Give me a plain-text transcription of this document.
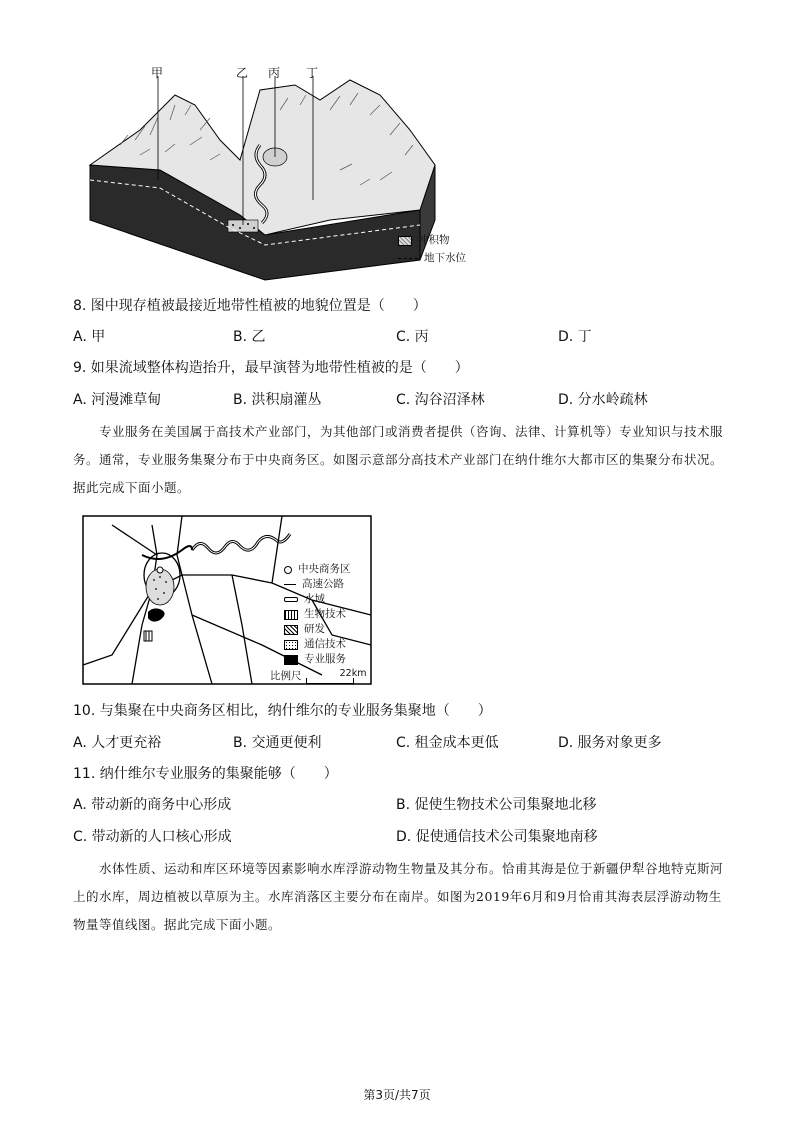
甲	乙 丙 丁
冲积物
地下水位
8. 图中现存植被最接近地带性植被的地貌位置是（　　）
A. 甲	B. 乙	C. 丙	D. 丁
9. 如果流域整体构造抬升，最早演替为地带性植被的是（　　）
A. 河漫滩草甸	B. 洪积扇灌丛	C. 沟谷沼泽林	D. 分水岭疏林

专业服务在美国属于高技术产业部门，为其他部门或消费者提供（咨询、法律、计算机等）专业知识与技术服务。通常，专业服务集聚分布于中央商务区。如图示意部分高技术产业部门在纳什维尔大都市区的集聚分布状况。据此完成下面小题。

中央商务区
高速公路
水域
生物技术
研发
通信技术
专业服务
比例尺	22km
10. 与集聚在中央商务区相比，纳什维尔的专业服务集聚地（　　）
A. 人才更充裕	B. 交通更便利	C. 租金成本更低	D. 服务对象更多
11. 纳什维尔专业服务的集聚能够（　　）
A. 带动新的商务中心形成	B. 促使生物技术公司集聚地北移
C. 带动新的人口核心形成	D. 促使通信技术公司集聚地南移

水体性质、运动和库区环境等因素影响水库浮游动物生物量及其分布。恰甫其海是位于新疆伊犁谷地特克斯河上的水库，周边植被以草原为主。水库消落区主要分布在南岸。如图为2019年6月和9月恰甫其海表层浮游动物生物量等值线图。据此完成下面小题。

第3页/共7页
